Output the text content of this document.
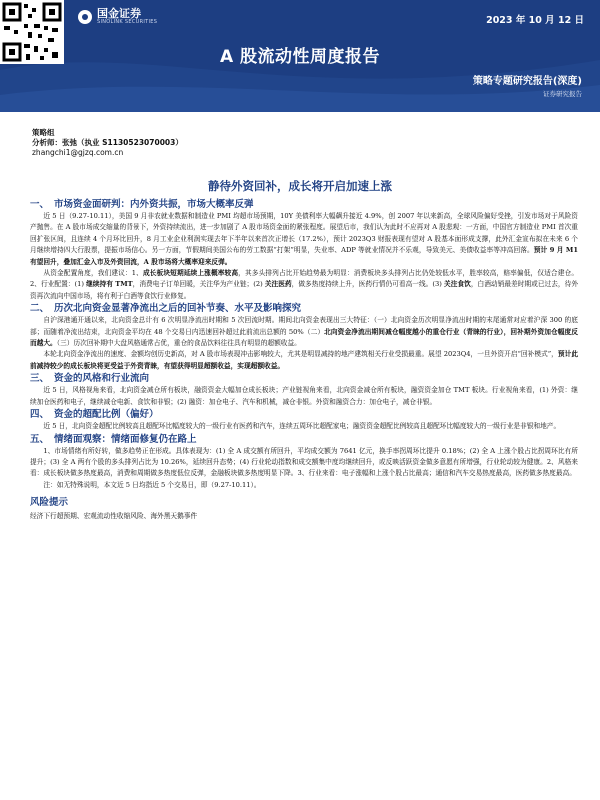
国金证券
SINOLINK SECURITIES	2023 年 10 月 12 日
A 股流动性周度报告
策略专题研究报告(深度)
证券研究报告
策略组
分析师：张弛（执业 S1130523070003）
zhangchi1@gjzq.com.cn
静待外资回补，成长将开启加速上涨
一、 市场资金面研判：内外资共振，市场大概率反弹
近 5 日（9.27-10.11），美国 9 月非农就业数据和制造业 PMI 均超市场预期，10Y 美债利率大幅飙升接近 4.9%，创 2007 年以来新高，全球风险偏好受挫，引发市场对于风险资产抛售。在 A 股市场成交缩量的背景下，外资持续流出，进一步加剧了 A 股市场资金面的紧张程度。展望后市，我们认为此时不应再对 A 股悲观：一方面，中国官方制造业 PMI 首次重回扩张区间，且连续 4 个月环比回升，8 月工业企业利润实现去年下半年以来首次正增长（17.2%），预计 2023Q3 财报表现有望对 A 股基本面形成支撑，此外汇金宣布拟在未来 6 个月继续增持四大行股票，提振市场信心。另一方面，节假期间美国公布的劳工数据“打架”明显，失业率、ADP 等就业情况并不乐观，导致美元、美债收益率等冲高回落。预计 9 月 M1 有望回升，叠加汇金入市及外资回流，A 股市场将大概率迎来反弹。
从资金配置角度，我们建议：1、成长板块短期延续上涨概率较高，其多头排列占比开始趋势最为明显：消费板块多头排列占比仍处较低水平，胜率较高，赔率偏低，仅适合建仓。2、行业配置：(1) 继续持有 TMT，消费电子订单回暖，关注华为产业链；(2) 关注医药，做多热度持续上升，医药行情仍可看高一线。(3) 关注食饮，白酒动销最差时期或已过去，待外资再次流向中国市场，将有利于白酒等食饮行业修复。
二、 历次北向资金显著净流出之后的回补节奏、水平及影响探究
自沪深港通开通以来，北向资金总计有 6 次明显净流出时期和 5 次回流时期。期间北向资金表现出三大特征：（一）北向资金历次明显净流出时期的末尾通常对应着沪深 300 的底部；而随着净流出结束，北向资金平均在 48 个交易日内迅速回补超过此前流出总额的 50%（二）北向资金净流出期间减仓幅度越小的重仓行业（青睐的行业），回补期外资加仓幅度反而越大。（三）历次回补期中大盘风格通常占优，重仓的食品饮料往往具有明显的超额收益。
本轮北向资金净流出的速度、金额均创历史新高，对 A 股市场表现冲击影响较大，尤其是明显减持的地产建筑相关行业受损最重。展望 2023Q4，一旦外资开启“回补模式”，预计此前减持较少的成长板块将更受益于外资青睐，有望获得明显超额收益，实现超额收益。
三、 资金的风格和行业流向
近 5 日，风格视角来看，北向资金减仓所有板块，融资资金大幅加仓成长板块；产业链视角来看，北向资金减仓所有板块，融资资金加仓 TMT 板块。行业视角来看，(1) 外资：继续加仓医药和电子，继续减仓电新、食饮和非银；(2) 融资：加仓电子、汽车和机械，减仓非银。外资和融资合力：加仓电子，减仓非银。
四、 资金的超配比例（偏好）
近 5 日，北向资金超配比例较高且超配环比幅度较大的一级行业有医药和汽车，连续五周环比超配家电；融资资金超配比例较高且超配环比幅度较大的一级行业是非银和地产。
五、 情绪面观察：情绪面修复仍在路上
1、市场情绪有所好转，做多趋势正在形成。具体表现为：(1) 全 A 成交额有所回升，平均成交额为 7641 亿元，换手率拐周环比提升 0.18%；(2) 全 A 上涨个股占比拐周环比有所提升；(3) 全 A 两有个股的多头排列占比为 10.26%，延续回升态势；(4) 行业轮动指数和成交额集中度均继续回升，或反映活跃资金做多意愿有所增强，行业轮动较为健康。2、风格来看：成长板块做多热度最高，消费和周期做多热度低位反弹，金融板块做多热度明显下降。3、行业来看：电子涨幅和上涨个股占比最高；通信和汽车交易热度最高，医药做多热度最高。
注：如无特殊说明，本文近 5 日均指近 5 个交易日，即（9.27-10.11）。
风险提示
经济下行超预期、宏观流动性收缩风险、海外黑天鹅事件
